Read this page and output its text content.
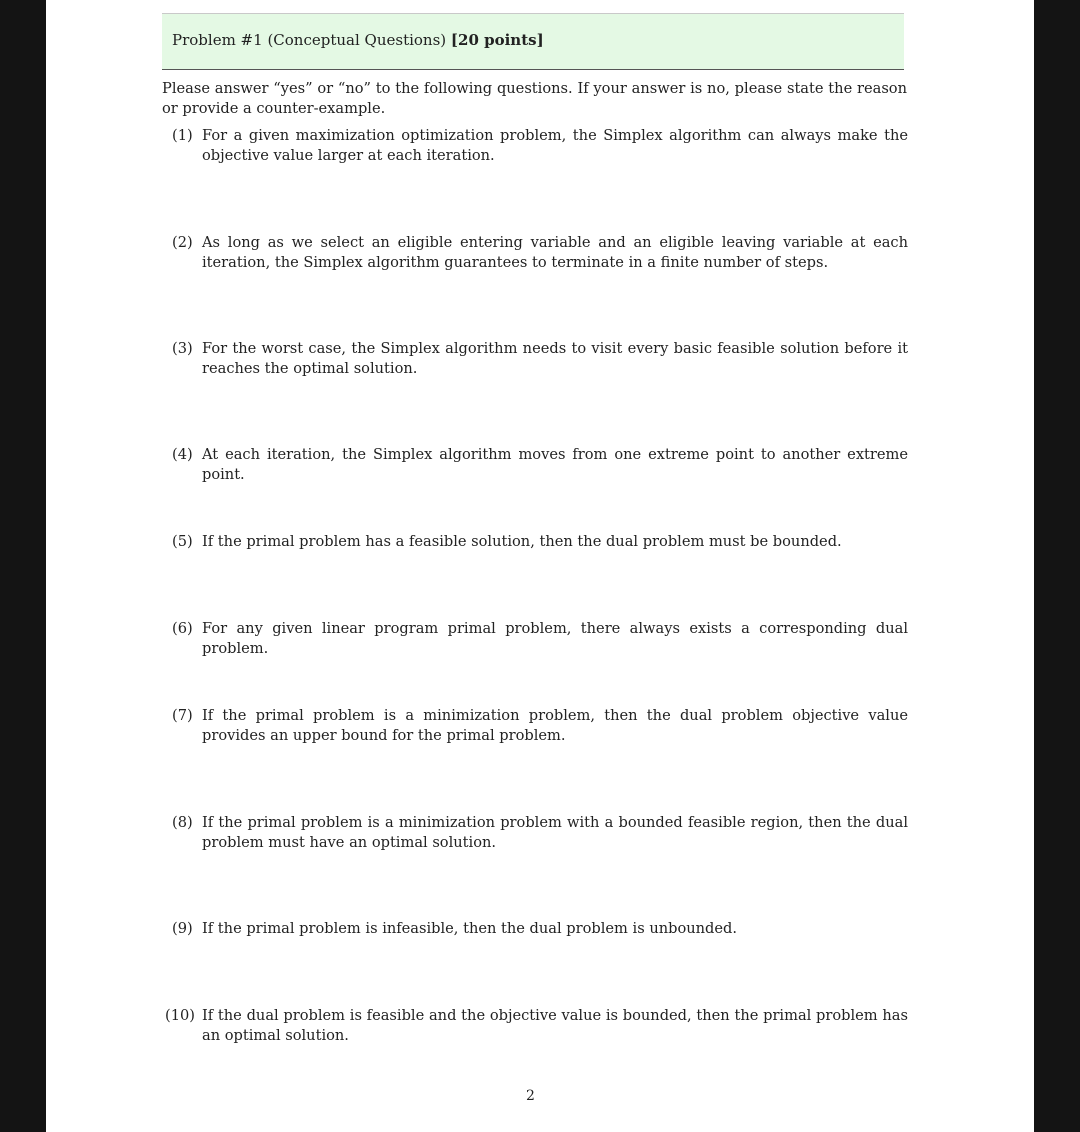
Problem #1 (Conceptual Questions) [20 points]
Please answer “yes” or “no” to the following questions. If your answer is no, please state the reason or provide a counter-example.
(1) For a given maximization optimization problem, the Simplex algorithm can always make the objective value larger at each iteration.
(2) As long as we select an eligible entering variable and an eligible leaving variable at each iteration, the Simplex algorithm guarantees to terminate in a finite number of steps.
(3) For the worst case, the Simplex algorithm needs to visit every basic feasible solution before it reaches the optimal solution.
(4) At each iteration, the Simplex algorithm moves from one extreme point to another extreme point.
(5) If the primal problem has a feasible solution, then the dual problem must be bounded.
(6) For any given linear program primal problem, there always exists a corresponding dual problem.
(7) If the primal problem is a minimization problem, then the dual problem objective value provides an upper bound for the primal problem.
(8) If the primal problem is a minimization problem with a bounded feasible region, then the dual problem must have an optimal solution.
(9) If the primal problem is infeasible, then the dual problem is unbounded.
(10) If the dual problem is feasible and the objective value is bounded, then the primal problem has an optimal solution.
2
